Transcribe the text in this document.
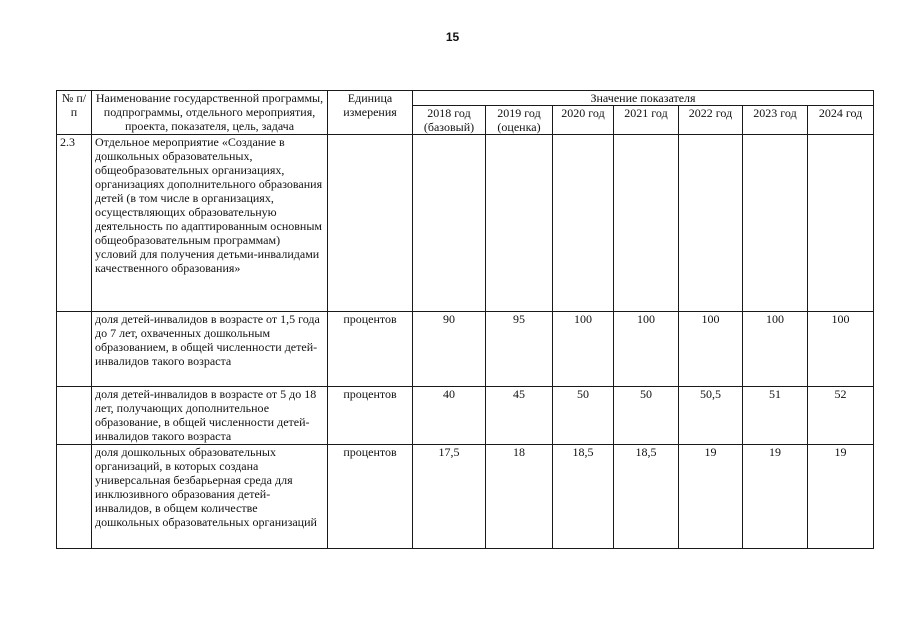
15
№ п/п	Наименование государственной программы, подпрограммы, отдельного мероприятия, проекта, показателя, цель, задача	Единица измерения	Значение показателя						
			2018 год (базовый)	2019 год (оценка)	2020 год	2021 год	2022 год	2023 год	2024 год
2.3	Отдельное мероприятие «Создание в дошкольных образовательных, общеобразовательных организациях, организациях дополнительного образования детей (в том числе в организациях, осуществляющих образовательную деятельность по адаптированным основным общеобразовательным программам) условий для получения детьми-инвалидами качественного образования»								
	доля детей-инвалидов в возрасте от 1,5 года до 7 лет, охваченных дошкольным образованием, в общей численности детей-инвалидов такого возраста	процентов	90	95	100	100	100	100	100
	доля детей-инвалидов в возрасте от 5 до 18 лет, получающих дополнительное образование, в общей численности детей-инвалидов такого возраста	процентов	40	45	50	50	50,5	51	52
	доля дошкольных образовательных организаций, в которых создана универсальная безбарьерная среда для инклюзивного образования детей-инвалидов, в общем количестве дошкольных образовательных организаций	процентов	17,5	18	18,5	18,5	19	19	19
